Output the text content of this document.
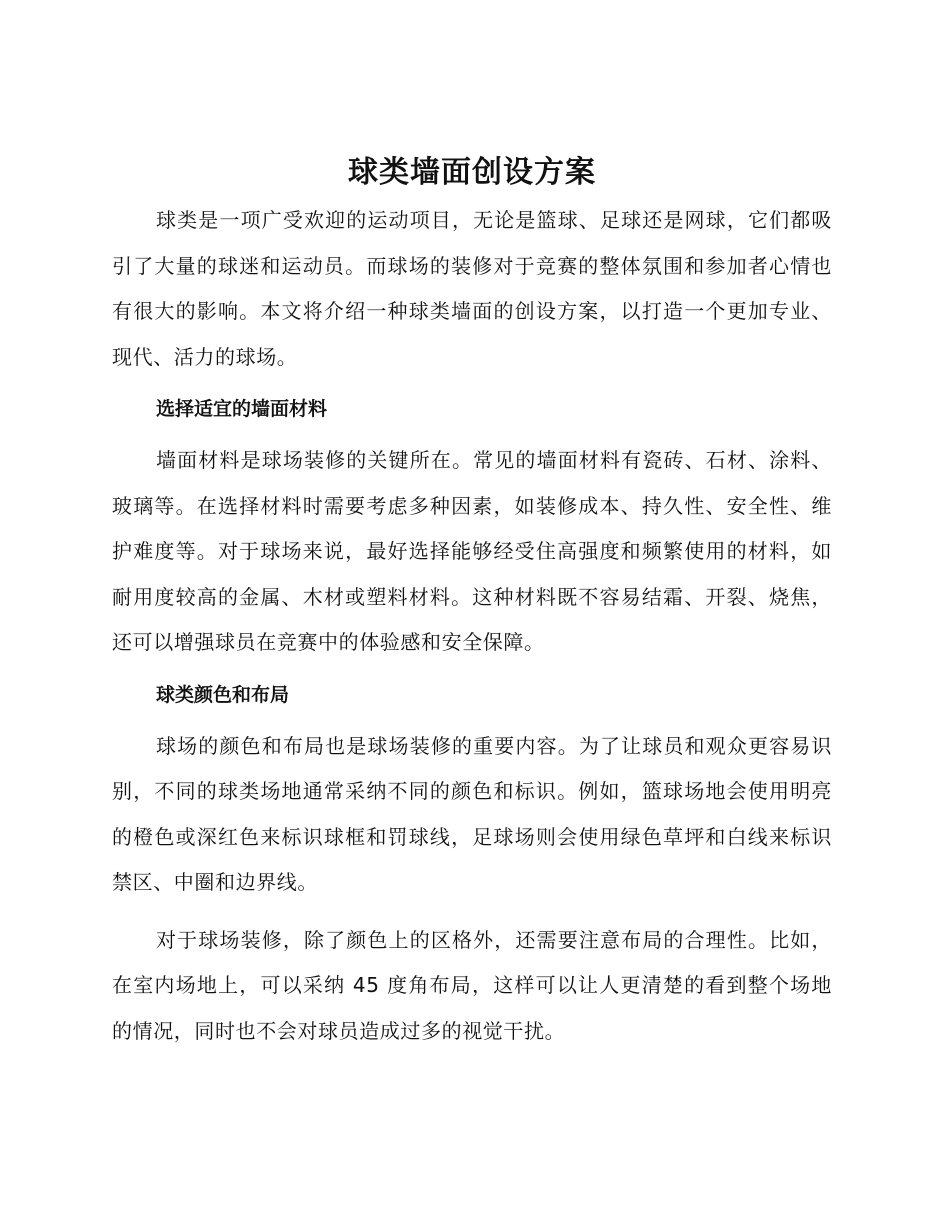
球类墙面创设方案

球类是一项广受欢迎的运动项目，无论是篮球、足球还是网球，它们都吸引了大量的球迷和运动员。而球场的装修对于竞赛的整体氛围和参加者心情也有很大的影响。本文将介绍一种球类墙面的创设方案，以打造一个更加专业、现代、活力的球场。

选择适宜的墙面材料

墙面材料是球场装修的关键所在。常见的墙面材料有瓷砖、石材、涂料、玻璃等。在选择材料时需要考虑多种因素，如装修成本、持久性、安全性、维护难度等。对于球场来说，最好选择能够经受住高强度和频繁使用的材料，如耐用度较高的金属、木材或塑料材料。这种材料既不容易结霜、开裂、烧焦，还可以增强球员在竞赛中的体验感和安全保障。

球类颜色和布局

球场的颜色和布局也是球场装修的重要内容。为了让球员和观众更容易识别，不同的球类场地通常采纳不同的颜色和标识。例如，篮球场地会使用明亮的橙色或深红色来标识球框和罚球线，足球场则会使用绿色草坪和白线来标识禁区、中圈和边界线。

对于球场装修，除了颜色上的区格外，还需要注意布局的合理性。比如，在室内场地上，可以采纳 45 度角布局，这样可以让人更清楚的看到整个场地的情况，同时也不会对球员造成过多的视觉干扰。
